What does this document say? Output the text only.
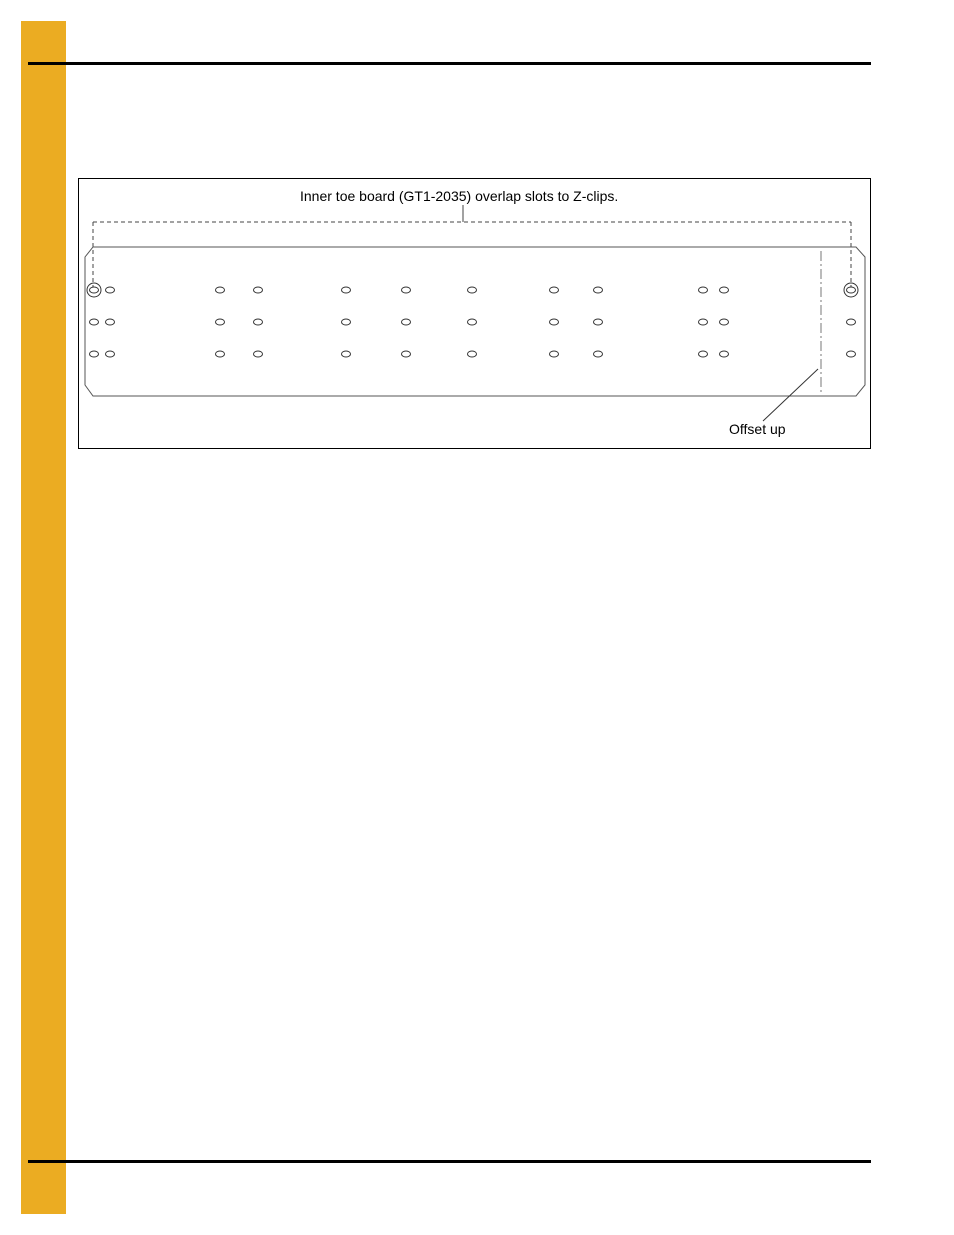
Inner toe board (GT1-2035) overlap slots to Z-clips.
Offset up
